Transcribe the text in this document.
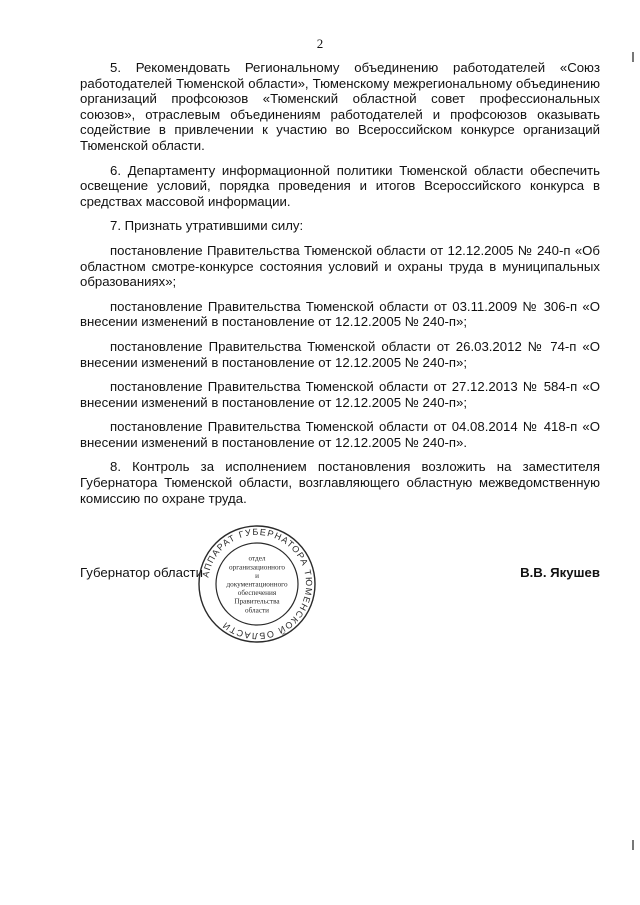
2

5. Рекомендовать Региональному объединению работодателей «Союз работодателей Тюменской области», Тюменскому межрегиональному объединению организаций профсоюзов «Тюменский областной совет профессиональных союзов», отраслевым объединениям работодателей и профсоюзов оказывать содействие в привлечении к участию во Всероссийском конкурсе организаций Тюменской области.

6. Департаменту информационной политики Тюменской области обеспечить освещение условий, порядка проведения и итогов Всероссийского конкурса в средствах массовой информации.

7. Признать утратившими силу:

постановление Правительства Тюменской области от 12.12.2005 № 240-п «Об областном смотре-конкурсе состояния условий и охраны труда в муниципальных образованиях»;

постановление Правительства Тюменской области от 03.11.2009 № 306-п «О внесении изменений в постановление от 12.12.2005 № 240-п»;

постановление Правительства Тюменской области от 26.03.2012 № 74-п «О внесении изменений в постановление от 12.12.2005 № 240-п»;

постановление Правительства Тюменской области от 27.12.2013 № 584-п «О внесении изменений в постановление от 12.12.2005 № 240-п»;

постановление Правительства Тюменской области от 04.08.2014 № 418-п «О внесении изменений в постановление от 12.12.2005 № 240-п».

8. Контроль за исполнением постановления возложить на заместителя Губернатора Тюменской области, возглавляющего областную межведомственную комиссию по охране труда.

Губернатор области	В.В. Якушев
АППАРАТ ГУБЕРНАТОРА ТЮМЕНСКОЙ ОБЛАСТИ
отдел
организационного
и
документационного
обеспечения
Правительства
области
